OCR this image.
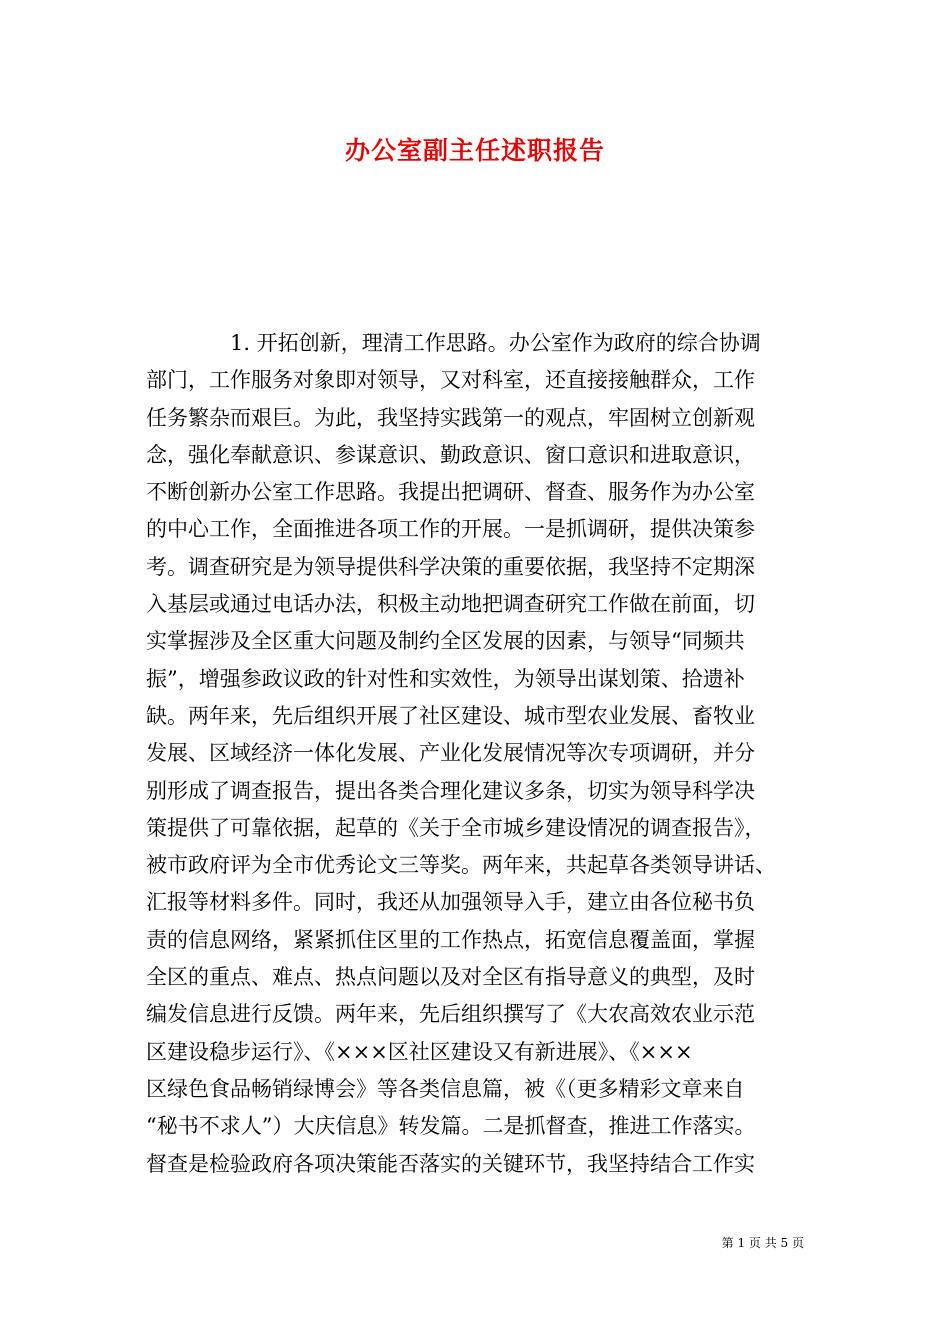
办公室副主任述职报告
1. 开拓创新，理清工作思路。办公室作为政府的综合协调
部门，工作服务对象即对领导，又对科室，还直接接触群众，工作
任务繁杂而艰巨。为此，我坚持实践第一的观点，牢固树立创新观
念，强化奉献意识、参谋意识、勤政意识、窗口意识和进取意识，
不断创新办公室工作思路。我提出把调研、督查、服务作为办公室
的中心工作，全面推进各项工作的开展。一是抓调研，提供决策参
考。调查研究是为领导提供科学决策的重要依据，我坚持不定期深
入基层或通过电话办法，积极主动地把调查研究工作做在前面，切
实掌握涉及全区重大问题及制约全区发展的因素，与领导“同频共
振”，增强参政议政的针对性和实效性，为领导出谋划策、拾遗补
缺。两年来，先后组织开展了社区建设、城市型农业发展、畜牧业
发展、区域经济一体化发展、产业化发展情况等次专项调研，并分
别形成了调查报告，提出各类合理化建议多条，切实为领导科学决
策提供了可靠依据，起草的《关于全市城乡建设情况的调查报告》，
被市政府评为全市优秀论文三等奖。两年来，共起草各类领导讲话、
汇报等材料多件。同时，我还从加强领导入手，建立由各位秘书负
责的信息网络，紧紧抓住区里的工作热点，拓宽信息覆盖面，掌握
全区的重点、难点、热点问题以及对全区有指导意义的典型，及时
编发信息进行反馈。两年来，先后组织撰写了《大农高效农业示范
区建设稳步运行》、《×××区社区建设又有新进展》、《×××
区绿色食品畅销绿博会》等各类信息篇，被《（更多精彩文章来自
“秘书不求人”）大庆信息》转发篇。二是抓督查，推进工作落实。
督查是检验政府各项决策能否落实的关键环节，我坚持结合工作实
第 1 页 共 5 页
